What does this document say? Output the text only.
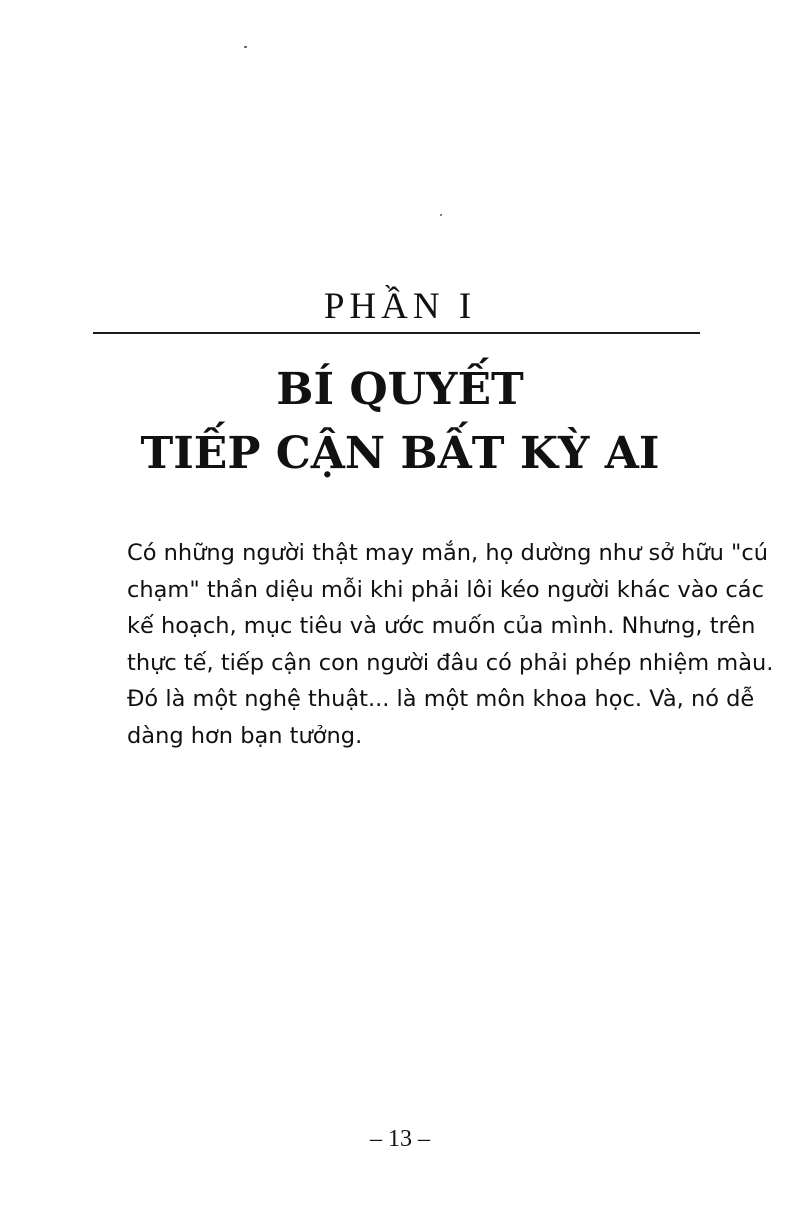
PHẦN I
BÍ QUYẾT
TIẾP CẬN BẤT KỲ AI
Có những người thật may mắn, họ dường như sở hữu "cú
chạm" thần diệu mỗi khi phải lôi kéo người khác vào các
kế hoạch, mục tiêu và ước muốn của mình. Nhưng, trên
thực tế, tiếp cận con người đâu có phải phép nhiệm màu.
Đó là một nghệ thuật... là một môn khoa học. Và, nó dễ
dàng hơn bạn tưởng.
– 13 –
